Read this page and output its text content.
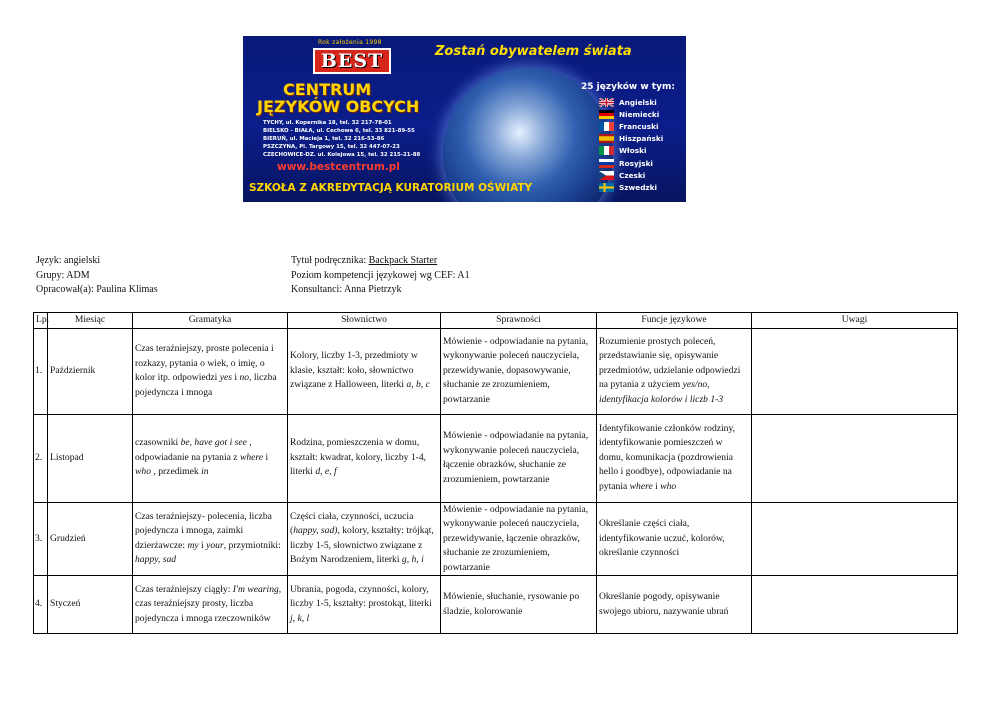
Rok założenia 1998
BEST	Zostań obywatelem świata
CENTRUM
JĘZYKÓW OBCYCH
TYCHY, ul. Kopernika 18, tel. 32 217-78-01
BIELSKO - BIAŁA, ul. Cechowa 6, tel. 33 821-89-55
BIERUŃ, ul. Macieja 1, tel. 32 216-53-86
PSZCZYNA, Pl. Targowy 15, tel. 32 447-07-23
CZECHOWICE-DZ. ul. Kolejowa 15, tel. 32 215-21-88
www.bestcentrum.pl
SZKOŁA Z AKREDYTACJĄ KURATORIUM OŚWIATY
25 języków w tym:
Angielski
Niemiecki
Francuski
Hiszpański
Włoski
Rosyjski
Czeski
Szwedzki
Język: angielski
Grupy: ADM
Opracował(a): Paulina Klimas
Tytuł podręcznika: Backpack Starter
Poziom kompetencji językowej wg CEF: A1
Konsultanci: Anna Pietrzyk
Lp.	Miesiąc	Gramatyka	Słownictwo	Sprawności	Funcje językowe	Uwagi
1.	Październik	Czas teraźniejszy, proste polecenia i rozkazy, pytania o wiek, o imię, o kolor itp. odpowiedzi yes i no, liczba pojedyncza i mnoga	Kolory, liczby 1-3, przedmioty w klasie, kształt: koło, słownictwo związane z Halloween, literki a, b, c	Mówienie - odpowiadanie na pytania, wykonywanie poleceń nauczyciela, przewidywanie, dopasowywanie, słuchanie ze zrozumieniem, powtarzanie	Rozumienie prostych poleceń, przedstawianie się, opisywanie przedmiotów, udzielanie odpowiedzi na pytania z użyciem yes/no, identyfikacja kolorów i liczb 1-3	
2.	Listopad	czasowniki be, have got i see , odpowiadanie na pytania z where i who , przedimek in	Rodzina, pomieszczenia w domu, kształt: kwadrat, kolory, liczby 1-4, literki d, e, f	Mówienie - odpowiadanie na pytania, wykonywanie poleceń nauczyciela, łączenie obrazków, słuchanie ze zrozumieniem, powtarzanie	Identyfikowanie członków rodziny, identyfikowanie pomieszczeń w domu, komunikacja (pozdrowienia hello i goodbye), odpowiadanie na pytania where i who	
3.	Grudzień	Czas teraźniejszy- polecenia, liczba pojedyncza i mnoga, zaimki dzierżawcze: my i your, przymiotniki: happy, sad	Części ciała, czynności, uczucia (happy, sad), kolory, kształty: trójkąt, liczby 1-5, słownictwo związane z Bożym Narodzeniem, literki g, h, i	Mówienie - odpowiadanie na pytania, wykonywanie poleceń nauczyciela, przewidywanie, łączenie obrazków, słuchanie ze zrozumieniem, powtarzanie	Określanie części ciała, identyfikowanie uczuć, kolorów, określanie czynności	
4.	Styczeń	Czas teraźniejszy ciągły: I'm wearing, czas teraźniejszy prosty, liczba pojedyncza i mnoga rzeczowników	Ubrania, pogoda, czynności, kolory, liczby 1-5, kształty: prostokąt, literki j, k, l	Mówienie, słuchanie, rysowanie po śladzie, kolorowanie	Określanie pogody, opisywanie swojego ubioru, nazywanie ubrań	
